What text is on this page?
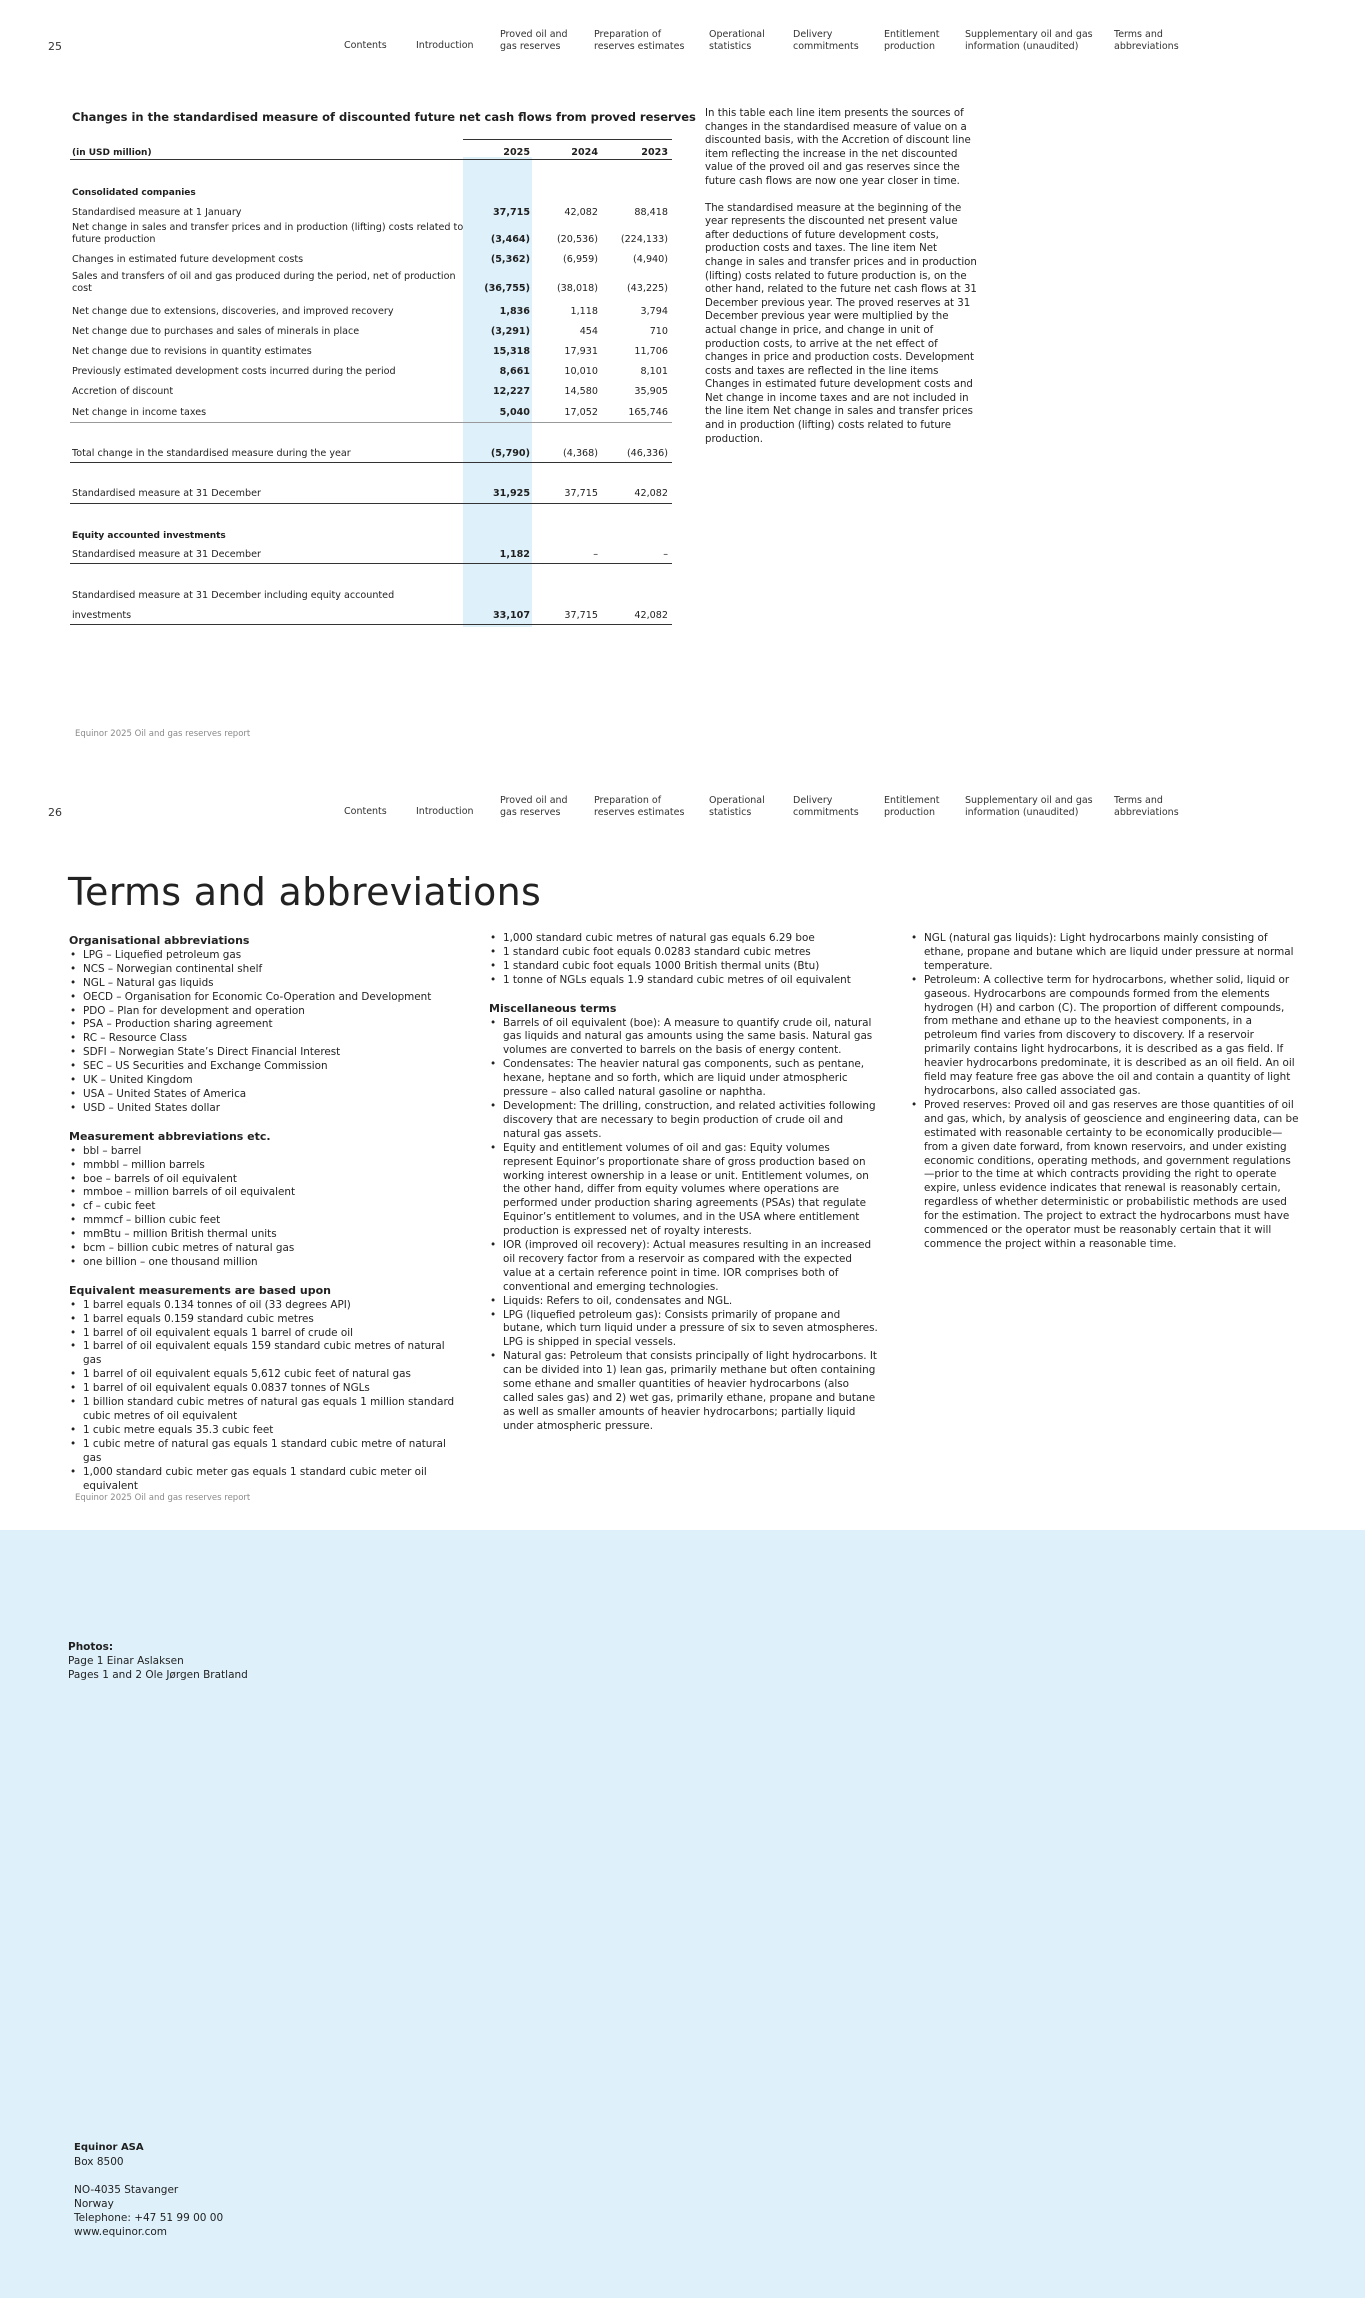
25	Contents	Introduction
Proved oil and
gas reserves
Preparation of
reserves estimates
Operational
statistics
Delivery
commitments
Entitlement
production
Supplementary oil and gas
information (unaudited)
Terms and
abbreviations
Changes in the standardised measure of discounted future net cash flows from proved reserves
(in USD million)	2025	2024	2023
Consolidated companies
Standardised measure at 1 January	37,715	42,082	88,418
Net change in sales and transfer prices and in production (lifting) costs related to future production	(3,464)	(20,536)	(224,133)
Changes in estimated future development costs	(5,362)	(6,959)	(4,940)
Sales and transfers of oil and gas produced during the period, net of production cost	(36,755)	(38,018)	(43,225)
Net change due to extensions, discoveries, and improved recovery	1,836	1,118	3,794
Net change due to purchases and sales of minerals in place	(3,291)	454	710
Net change due to revisions in quantity estimates	15,318	17,931	11,706
Previously estimated development costs incurred during the period	8,661	10,010	8,101
Accretion of discount	12,227	14,580	35,905
Net change in income taxes	5,040	17,052	165,746
Total change in the standardised measure during the year	(5,790)	(4,368)	(46,336)
Standardised measure at 31 December	31,925	37,715	42,082
Equity accounted investments
Standardised measure at 31 December	1,182	–	–
Standardised measure at 31 December including equity accounted
investments	33,107	37,715	42,082

In this table each line item presents the sources of changes in the standardised measure of value on a discounted basis, with the Accretion of discount line item reflecting the increase in the net discounted value of the proved oil and gas reserves since the future cash flows are now one year closer in time.

The standardised measure at the beginning of the year represents the discounted net present value after deductions of future development costs, production costs and taxes. The line item Net change in sales and transfer prices and in production (lifting) costs related to future production is, on the other hand, related to the future net cash flows at 31 December previous year. The proved reserves at 31 December previous year were multiplied by the actual change in price, and change in unit of production costs, to arrive at the net effect of changes in price and production costs. Development costs and taxes are reflected in the line items Changes in estimated future development costs and Net change in income taxes and are not included in the line item Net change in sales and transfer prices and in production (lifting) costs related to future production.

Equinor 2025 Oil and gas reserves report
26	Contents	Introduction
Proved oil and
gas reserves
Preparation of
reserves estimates
Operational
statistics
Delivery
commitments
Entitlement
production
Supplementary oil and gas
information (unaudited)
Terms and
abbreviations
Terms and abbreviations
Organisational abbreviations
• LPG – Liquefied petroleum gas
• NCS – Norwegian continental shelf
• NGL – Natural gas liquids
• OECD – Organisation for Economic Co-Operation and Development
• PDO – Plan for development and operation
• PSA – Production sharing agreement
• RC – Resource Class
• SDFI – Norwegian State’s Direct Financial Interest
• SEC – US Securities and Exchange Commission
• UK – United Kingdom
• USA – United States of America
• USD – United States dollar
Measurement abbreviations etc.
• bbl – barrel
• mmbbl – million barrels
• boe – barrels of oil equivalent
• mmboe – million barrels of oil equivalent
• cf – cubic feet
• mmmcf – billion cubic feet
• mmBtu – million British thermal units
• bcm – billion cubic metres of natural gas
• one billion – one thousand million
Equivalent measurements are based upon
• 1 barrel equals 0.134 tonnes of oil (33 degrees API)
• 1 barrel equals 0.159 standard cubic metres
• 1 barrel of oil equivalent equals 1 barrel of crude oil
• 1 barrel of oil equivalent equals 159 standard cubic metres of natural gas
• 1 barrel of oil equivalent equals 5,612 cubic feet of natural gas
• 1 barrel of oil equivalent equals 0.0837 tonnes of NGLs
• 1 billion standard cubic metres of natural gas equals 1 million standard cubic metres of oil equivalent
• 1 cubic metre equals 35.3 cubic feet
• 1 cubic metre of natural gas equals 1 standard cubic metre of natural gas
• 1,000 standard cubic meter gas equals 1 standard cubic meter oil equivalent
• 1,000 standard cubic metres of natural gas equals 6.29 boe
• 1 standard cubic foot equals 0.0283 standard cubic metres
• 1 standard cubic foot equals 1000 British thermal units (Btu)
• 1 tonne of NGLs equals 1.9 standard cubic metres of oil equivalent
Miscellaneous terms
• Barrels of oil equivalent (boe): A measure to quantify crude oil, natural gas liquids and natural gas amounts using the same basis. Natural gas volumes are converted to barrels on the basis of energy content.
• Condensates: The heavier natural gas components, such as pentane, hexane, heptane and so forth, which are liquid under atmospheric pressure – also called natural gasoline or naphtha.
• Development: The drilling, construction, and related activities following discovery that are necessary to begin production of crude oil and natural gas assets.
• Equity and entitlement volumes of oil and gas: Equity volumes represent Equinor’s proportionate share of gross production based on working interest ownership in a lease or unit. Entitlement volumes, on the other hand, differ from equity volumes where operations are performed under production sharing agreements (PSAs) that regulate Equinor’s entitlement to volumes, and in the USA where entitlement production is expressed net of royalty interests.
• IOR (improved oil recovery): Actual measures resulting in an increased oil recovery factor from a reservoir as compared with the expected value at a certain reference point in time. IOR comprises both of conventional and emerging technologies.
• Liquids: Refers to oil, condensates and NGL.
• LPG (liquefied petroleum gas): Consists primarily of propane and butane, which turn liquid under a pressure of six to seven atmospheres. LPG is shipped in special vessels.
• Natural gas: Petroleum that consists principally of light hydrocarbons. It can be divided into 1) lean gas, primarily methane but often containing some ethane and smaller quantities of heavier hydrocarbons (also called sales gas) and 2) wet gas, primarily ethane, propane and butane as well as smaller amounts of heavier hydrocarbons; partially liquid under atmospheric pressure.
• NGL (natural gas liquids): Light hydrocarbons mainly consisting of ethane, propane and butane which are liquid under pressure at normal temperature.
• Petroleum: A collective term for hydrocarbons, whether solid, liquid or gaseous. Hydrocarbons are compounds formed from the elements hydrogen (H) and carbon (C). The proportion of different compounds, from methane and ethane up to the heaviest components, in a petroleum find varies from discovery to discovery. If a reservoir primarily contains light hydrocarbons, it is described as a gas field. If heavier hydrocarbons predominate, it is described as an oil field. An oil field may feature free gas above the oil and contain a quantity of light hydrocarbons, also called associated gas.
• Proved reserves: Proved oil and gas reserves are those quantities of oil and gas, which, by analysis of geoscience and engineering data, can be estimated with reasonable certainty to be economically producible—from a given date forward, from known reservoirs, and under existing economic conditions, operating methods, and government regulations—prior to the time at which contracts providing the right to operate expire, unless evidence indicates that renewal is reasonably certain, regardless of whether deterministic or probabilistic methods are used for the estimation. The project to extract the hydrocarbons must have commenced or the operator must be reasonably certain that it will commence the project within a reasonable time.
Equinor 2025 Oil and gas reserves report
Photos:
Page 1 Einar Aslaksen
Pages 1 and 2 Ole Jørgen Bratland
Equinor ASA
Box 8500
NO-4035 Stavanger
Norway
Telephone: +47 51 99 00 00
www.equinor.com
